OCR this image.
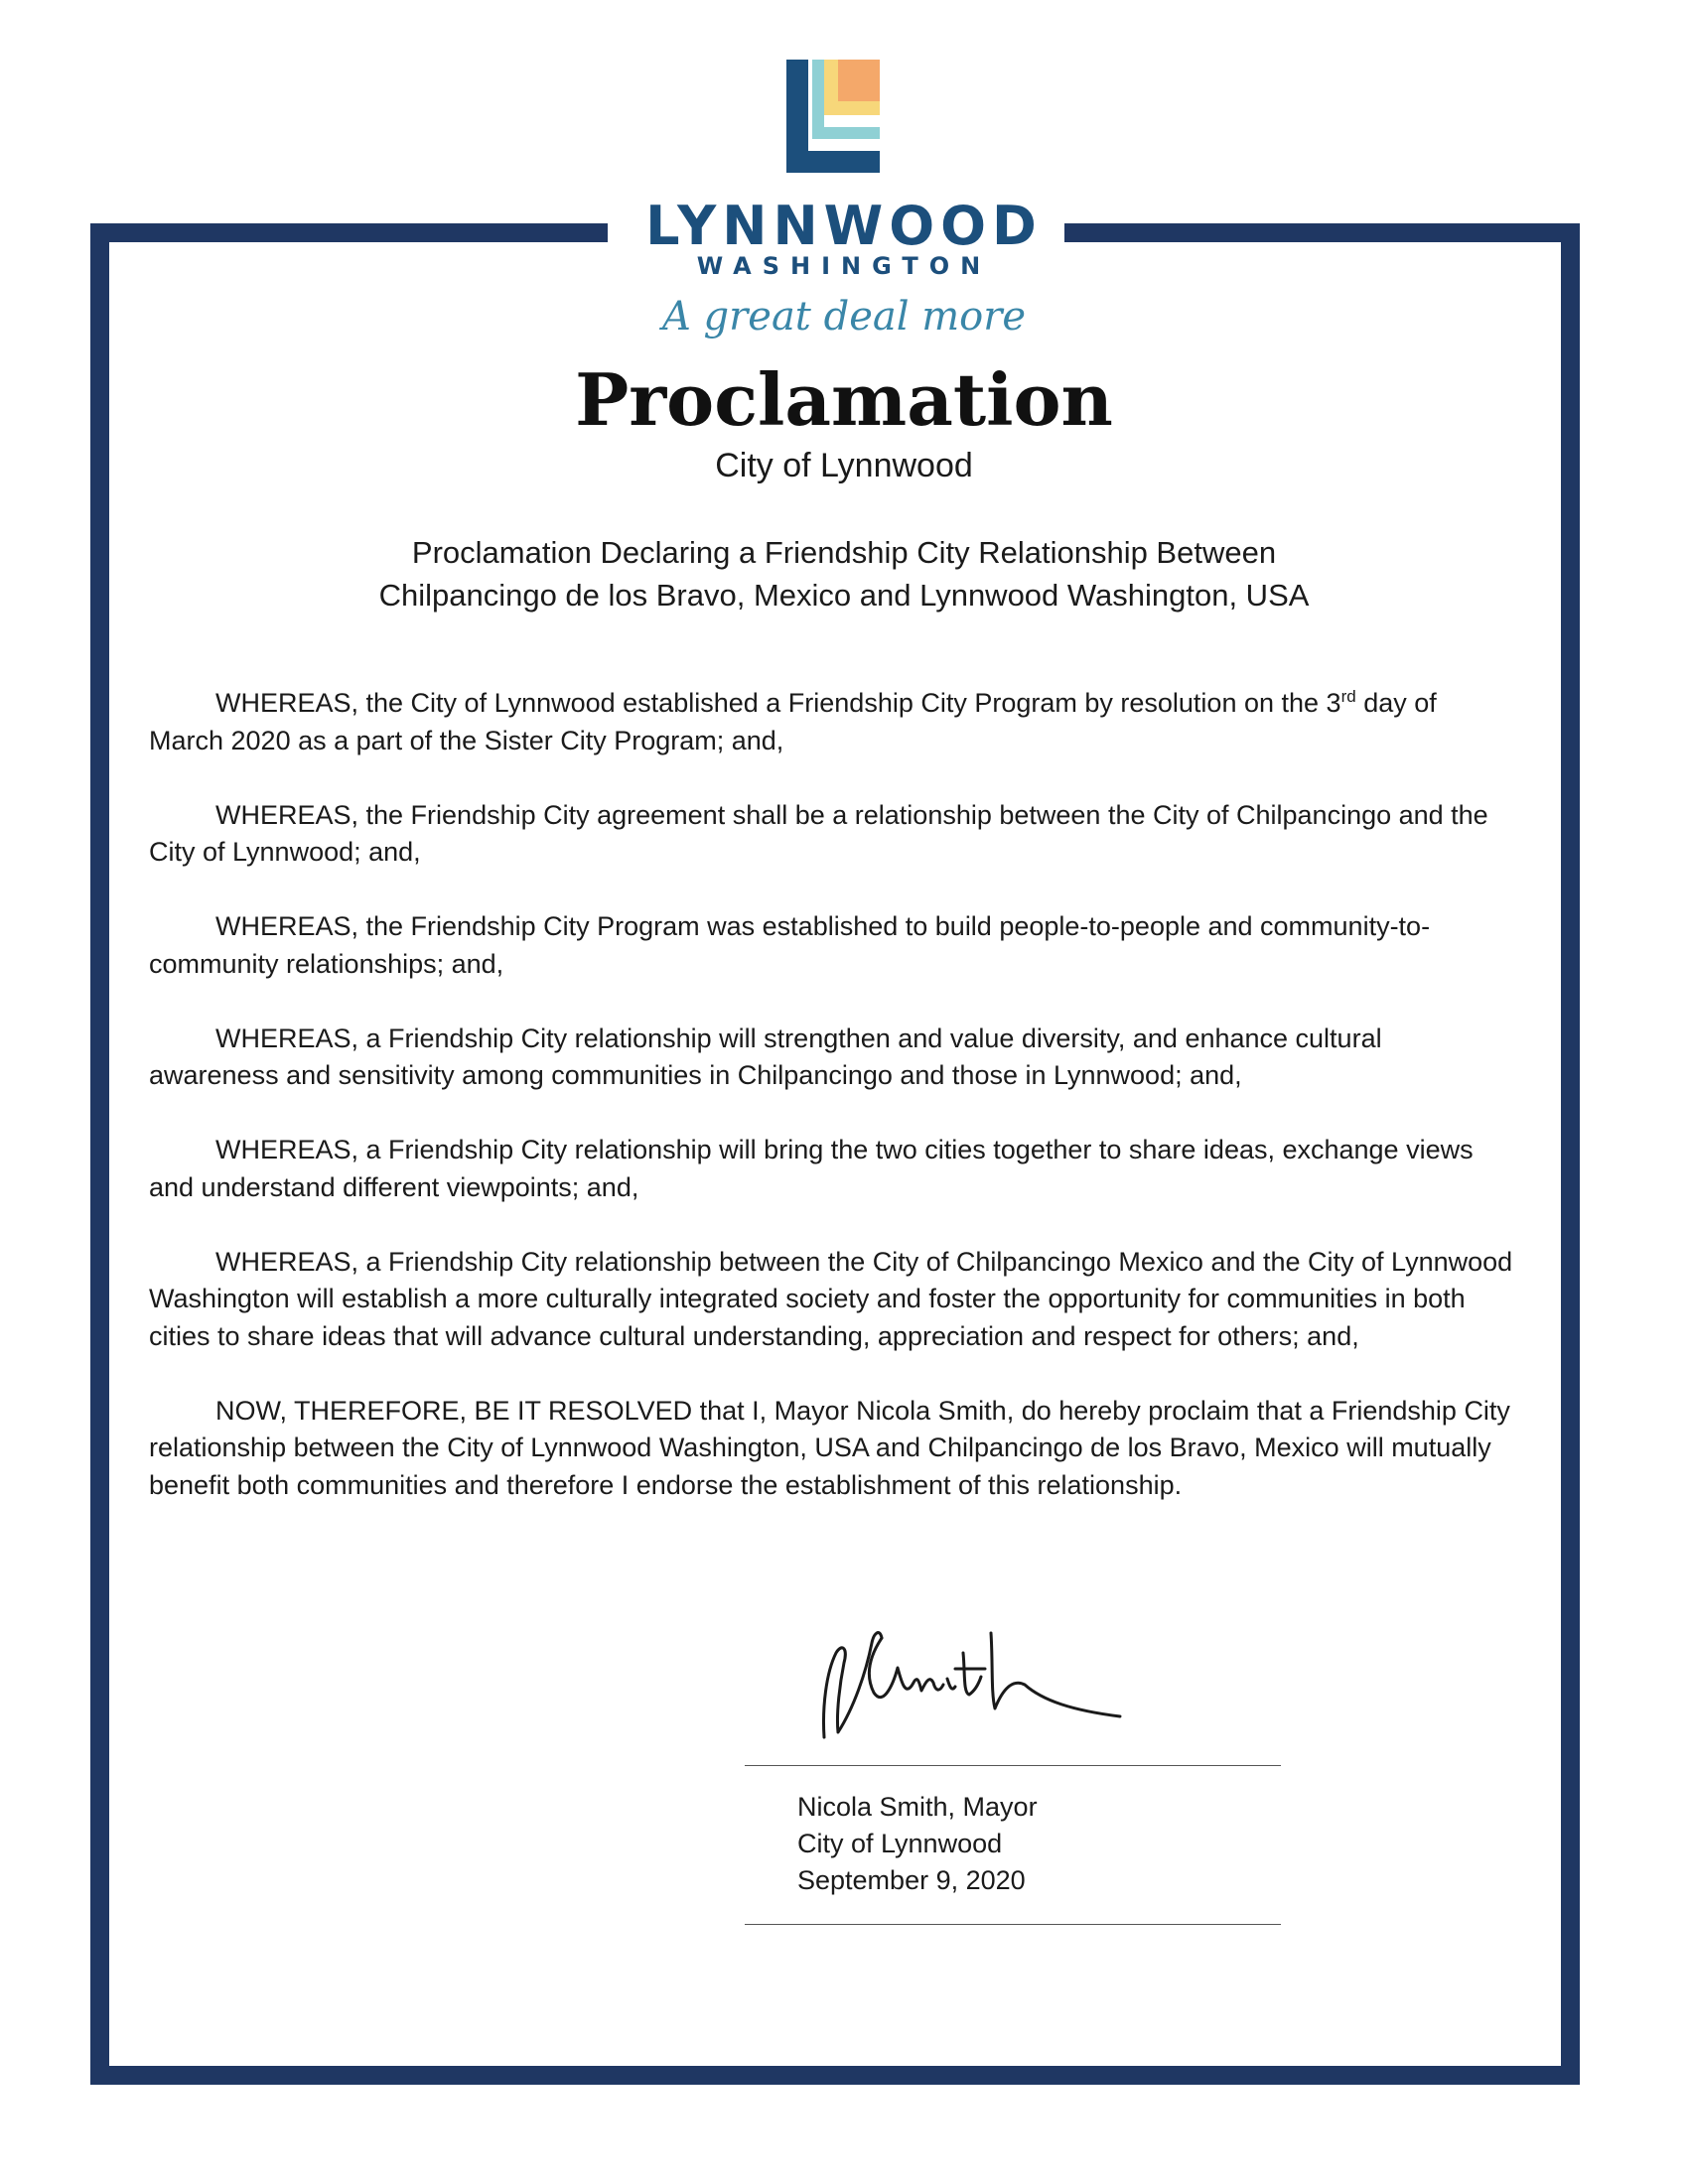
LYNNWOOD
WASHINGTON
A great deal more
Proclamation
City of Lynnwood
Proclamation Declaring a Friendship City Relationship Between
Chilpancingo de los Bravo, Mexico and Lynnwood Washington, USA

WHEREAS, the City of Lynnwood established a Friendship City Program by resolution on the 3rd day of March 2020 as a part of the Sister City Program; and,

WHEREAS, the Friendship City agreement shall be a relationship between the City of Chilpancingo and the City of Lynnwood; and,

WHEREAS, the Friendship City Program was established to build people-to-people and community-to-community relationships; and,

WHEREAS, a Friendship City relationship will strengthen and value diversity, and enhance cultural awareness and sensitivity among communities in Chilpancingo and those in Lynnwood; and,

WHEREAS, a Friendship City relationship will bring the two cities together to share ideas, exchange views and understand different viewpoints; and,

WHEREAS, a Friendship City relationship between the City of Chilpancingo Mexico and the City of Lynnwood Washington will establish a more culturally integrated society and foster the opportunity for communities in both cities to share ideas that will advance cultural understanding, appreciation and respect for others; and,

NOW, THEREFORE, BE IT RESOLVED that I, Mayor Nicola Smith, do hereby proclaim that a Friendship City relationship between the City of Lynnwood Washington, USA and Chilpancingo de los Bravo, Mexico will mutually benefit both communities and therefore I endorse the establishment of this relationship.

Nicola Smith, Mayor
City of Lynnwood
September 9, 2020
